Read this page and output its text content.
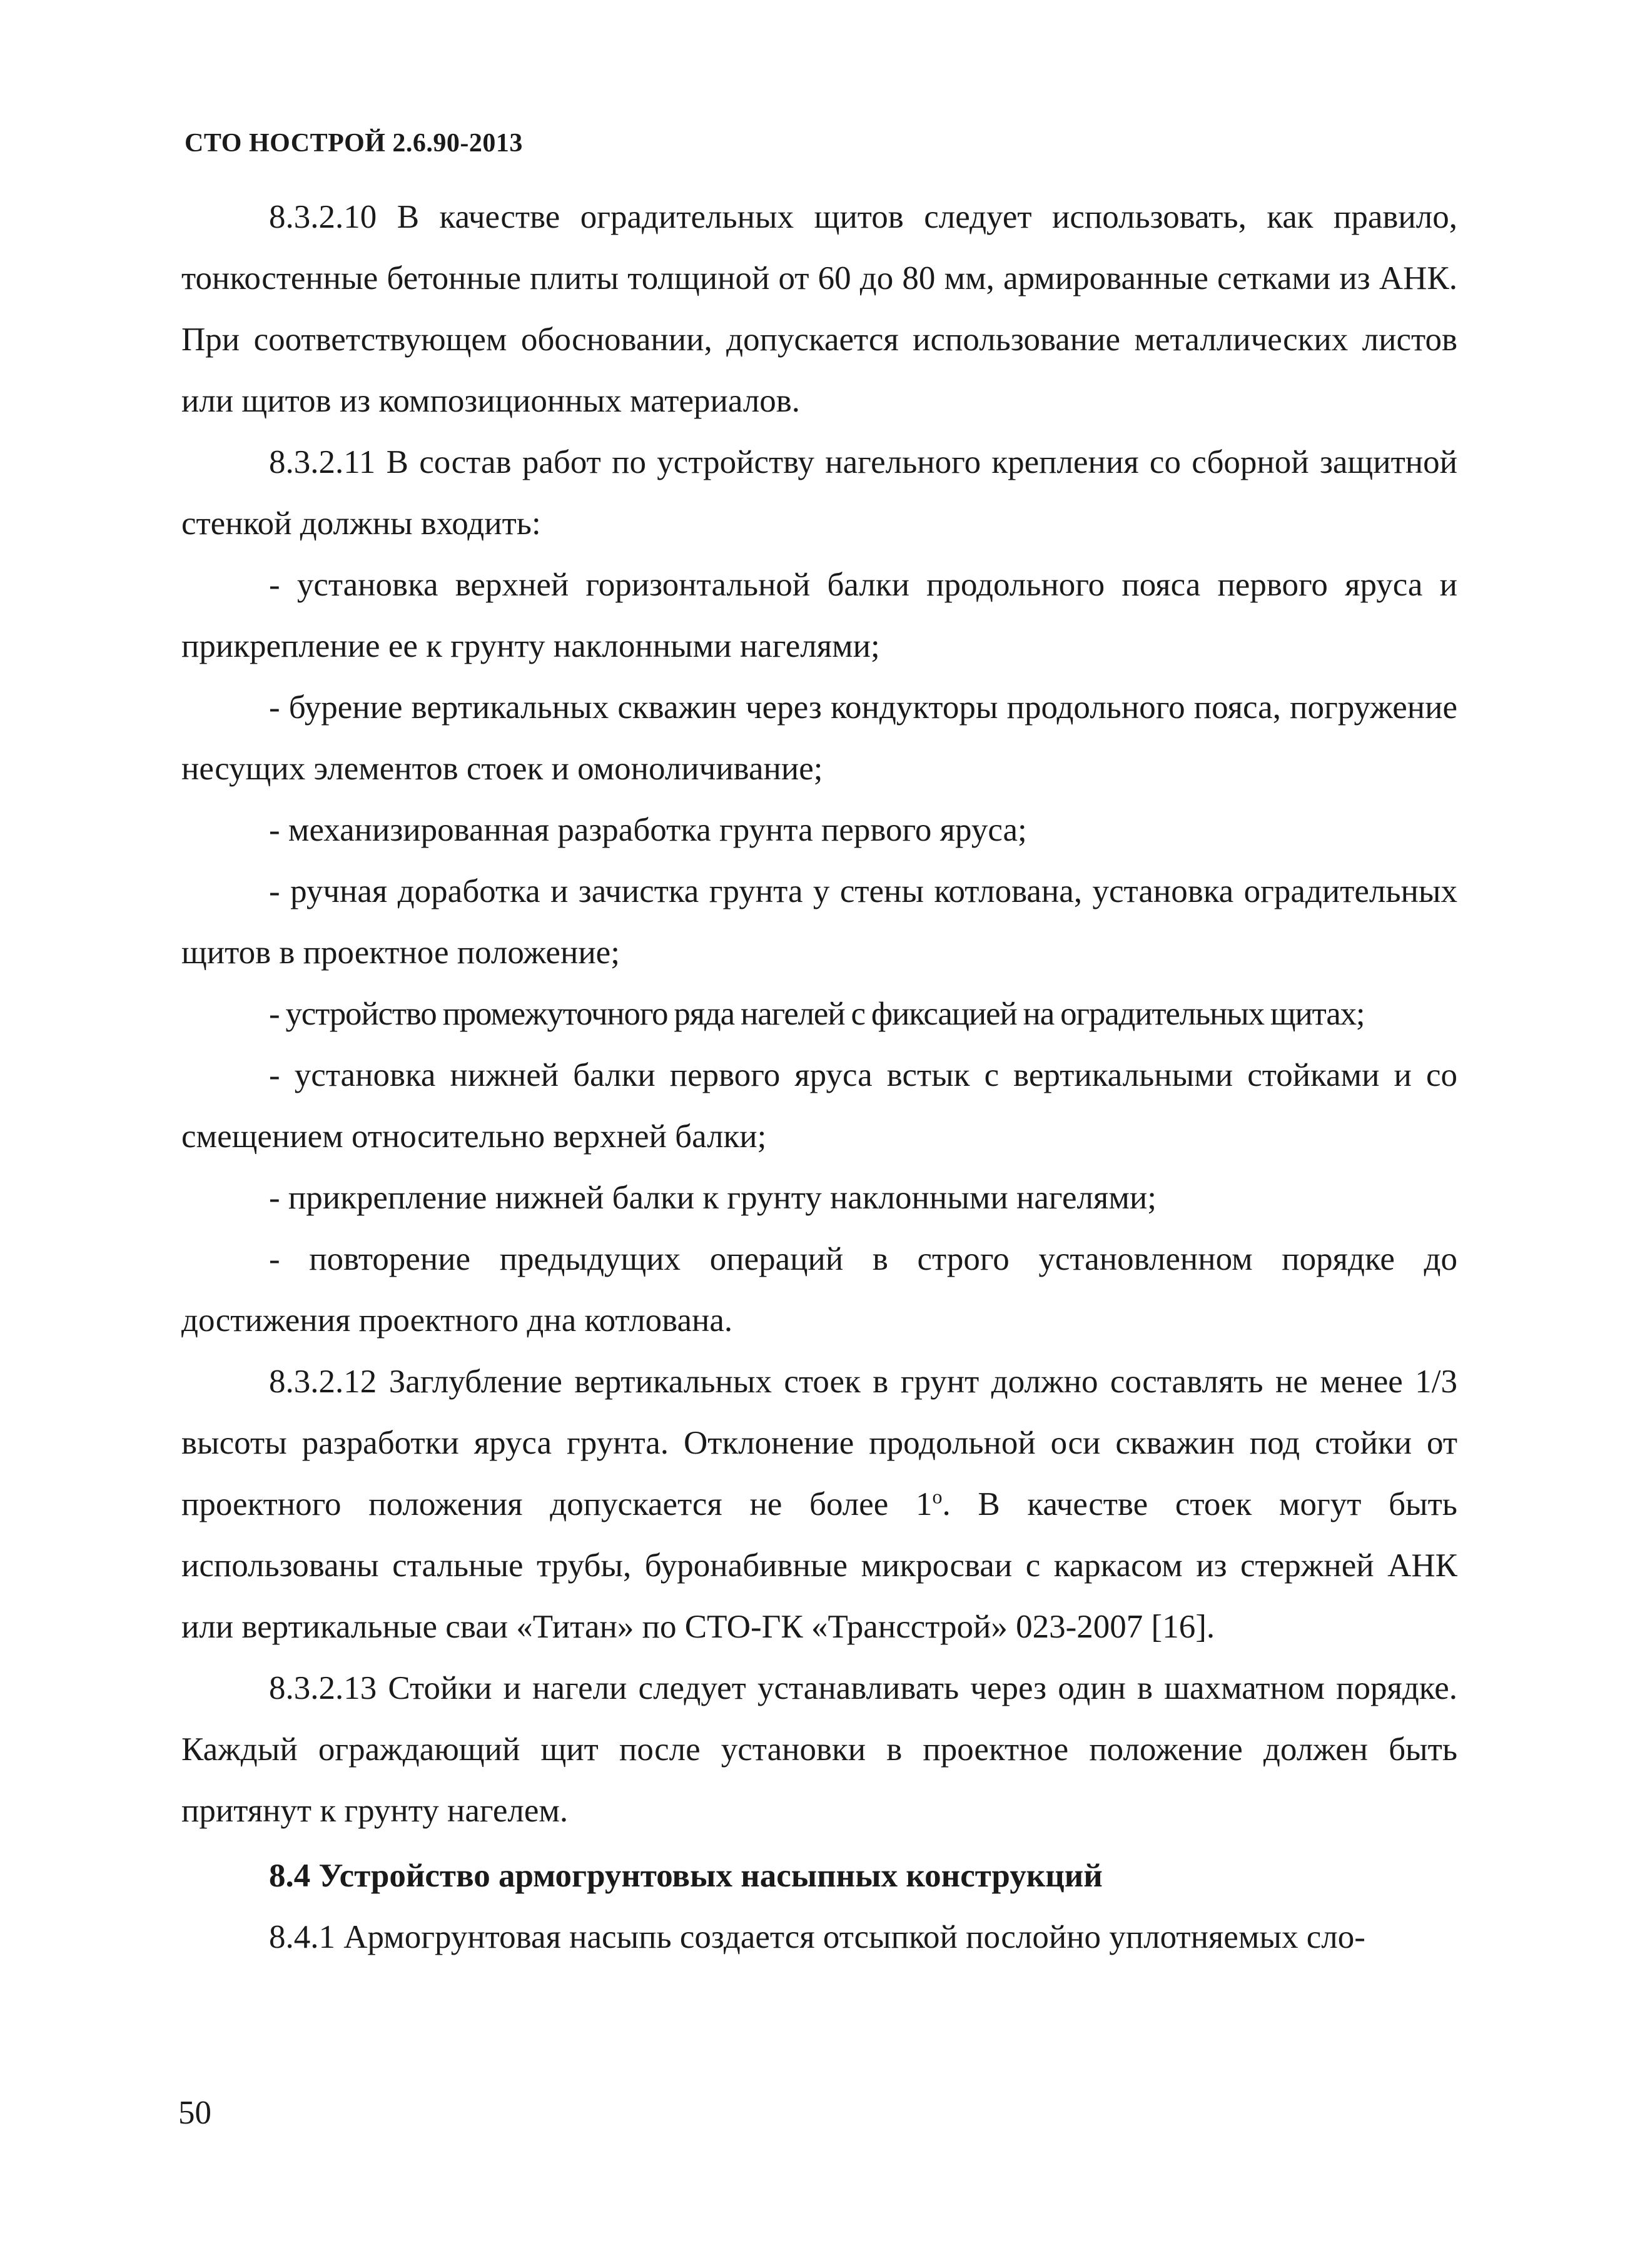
СТО НОСТРОЙ 2.6.90-2013

8.3.2.10 В качестве оградительных щитов следует использовать, как правило, тонкостенные бетонные плиты толщиной от 60 до 80 мм, армированные сетками из АНК. При соответствующем обосновании, допускается использование металлических листов или щитов из композиционных материалов.

8.3.2.11 В состав работ по устройству нагельного крепления со сборной защитной стенкой должны входить:

- установка верхней горизонтальной балки продольного пояса первого яруса и прикрепление ее к грунту наклонными нагелями;

- бурение вертикальных скважин через кондукторы продольного пояса, погружение несущих элементов стоек и омоноличивание;

- механизированная разработка грунта первого яруса;

- ручная доработка и зачистка грунта у стены котлована, установка оградительных щитов в проектное положение;

- устройство промежуточного ряда нагелей с фиксацией на оградительных щитах;

- установка нижней балки первого яруса встык с вертикальными стойками и со смещением относительно верхней балки;

- прикрепление нижней балки к грунту наклонными нагелями;

- повторение предыдущих операций в строго установленном порядке до достижения проектного дна котлована.

8.3.2.12 Заглубление вертикальных стоек в грунт должно составлять не менее 1/3 высоты разработки яруса грунта. Отклонение продольной оси скважин под стойки от проектного положения допускается не более $1^о$. В качестве стоек могут быть использованы стальные трубы, буронабивные микросваи с каркасом из стержней АНК или вертикальные сваи «Титан» по СТО-ГК «Трансстрой» 023-2007 [16].

8.3.2.13 Стойки и нагели следует устанавливать через один в шахматном порядке. Каждый ограждающий щит после установки в проектное положение должен быть притянут к грунту нагелем.

8.4 Устройство армогрунтовых насыпных конструкций

8.4.1 Армогрунтовая насыпь создается отсыпкой послойно уплотняемых сло-

50
